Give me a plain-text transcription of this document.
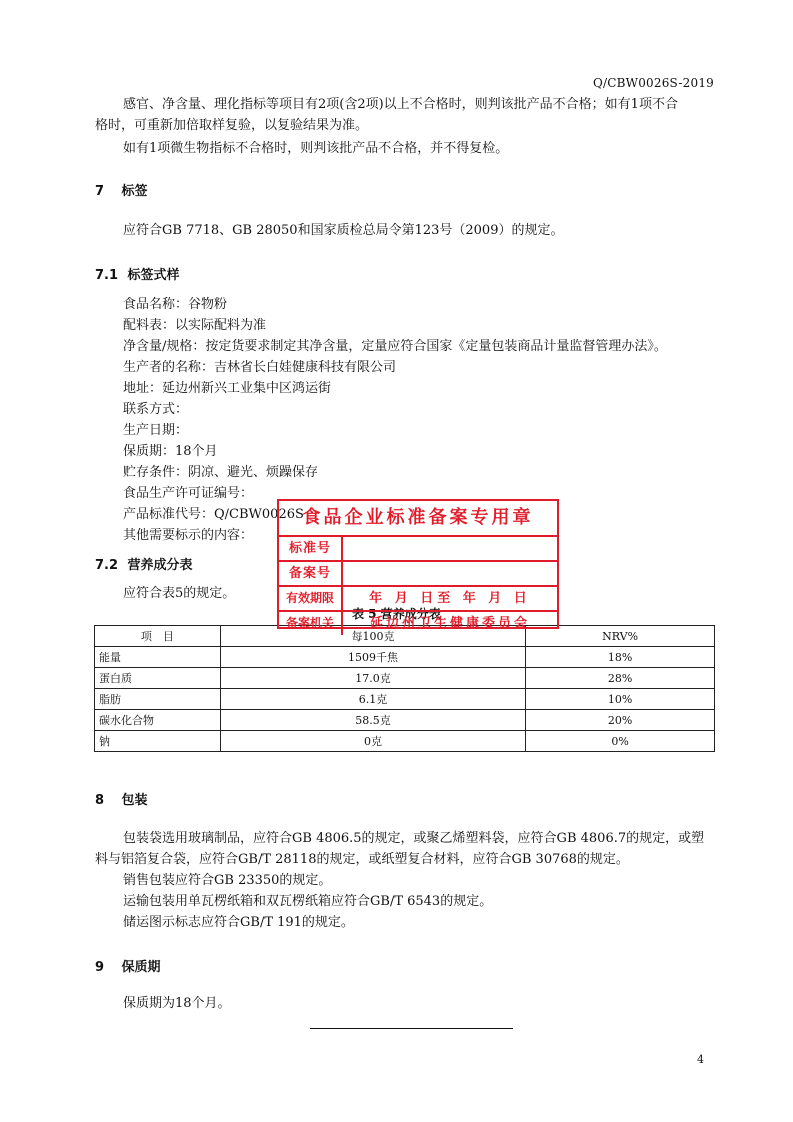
Q/CBW0026S-2019
感官、净含量、理化指标等项目有2项(含2项)以上不合格时，则判该批产品不合格；如有1项不合
格时，可重新加倍取样复验，以复验结果为准。
如有1项微生物指标不合格时，则判该批产品不合格，并不得复检。
7 标签
应符合GB 7718、GB 28050和国家质检总局令第123号（2009）的规定。
7.1 标签式样
食品名称：谷物粉
配料表：以实际配料为准
净含量/规格：按定货要求制定其净含量，定量应符合国家《定量包装商品计量监督管理办法》。
生产者的名称：吉林省长白娃健康科技有限公司
地址：延边州新兴工业集中区鸿运街
联系方式：
生产日期：
保质期：18个月
贮存条件：阴凉、避光、烦躁保存
食品生产许可证编号：
产品标准代号：Q/CBW0026S
其他需要标示的内容：
7.2 营养成分表
应符合表5的规定。
表 5 营养成分表
项　目	每100克	NRV%
能量	1509千焦	18%
蛋白质	17.0克	28%
脂肪	6.1克	10%
碳水化合物	58.5克	20%
钠	0克	0%
食品企业标准备案专用章
标准号
备案号
有效期限	年 月 日至 年 月 日
备案机关	延边州卫生健康委员会
8 包装
包装袋选用玻璃制品，应符合GB 4806.5的规定，或聚乙烯塑料袋，应符合GB 4806.7的规定，或塑
料与铝箔复合袋，应符合GB/T 28118的规定，或纸塑复合材料，应符合GB 30768的规定。
销售包装应符合GB 23350的规定。
运输包装用单瓦楞纸箱和双瓦楞纸箱应符合GB/T 6543的规定。
储运图示标志应符合GB/T 191的规定。
9 保质期
保质期为18个月。
4
